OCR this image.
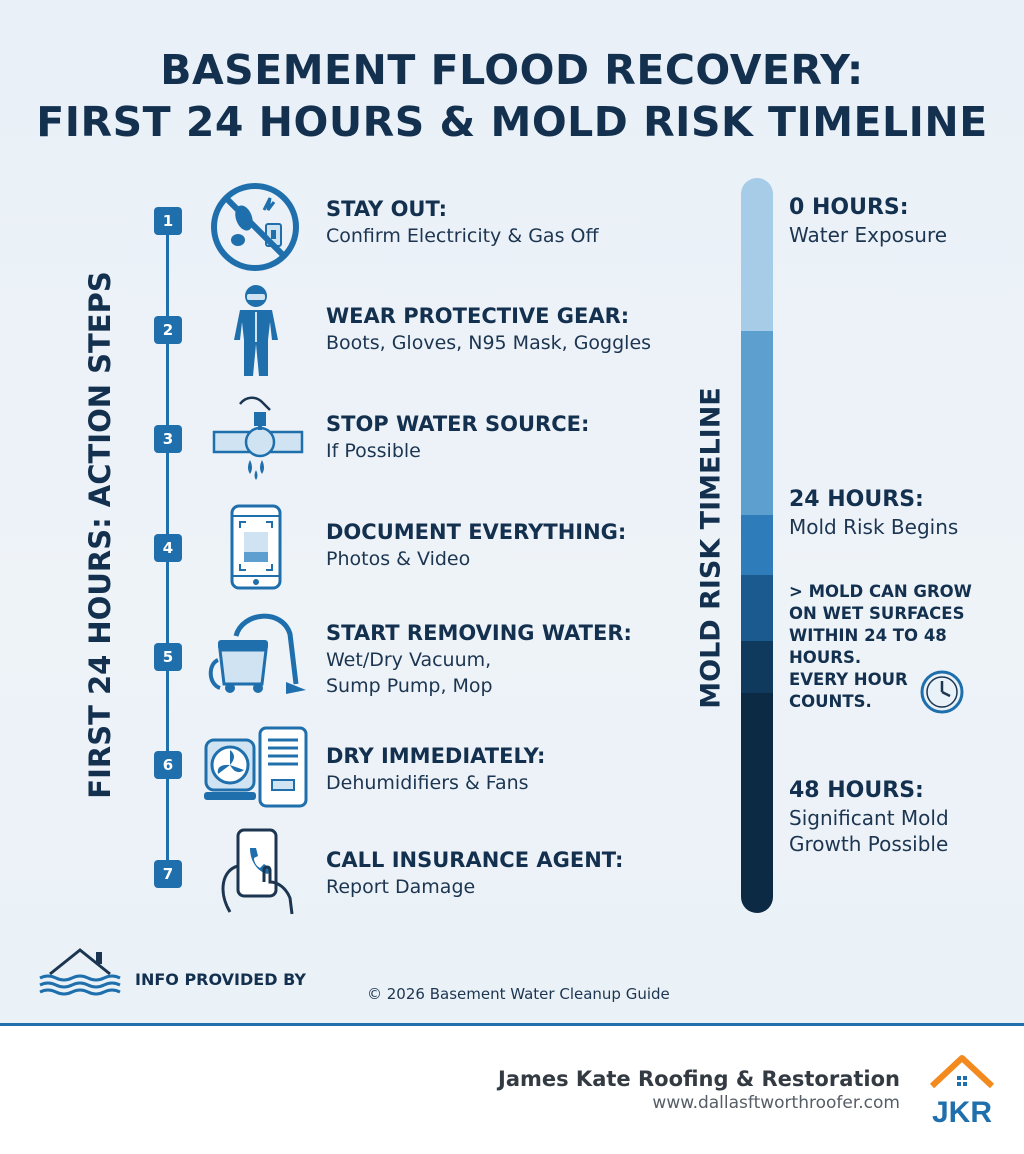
BASEMENT FLOOD RECOVERY:
FIRST 24 HOURS & MOLD RISK TIMELINE
FIRST 24 HOURS: ACTION STEPS
1	STAY OUT:
Confirm Electricity & Gas Off
2
WEAR PROTECTIVE GEAR:
Boots, Gloves, N95 Mask, Goggles
3
STOP WATER SOURCE:
If Possible
4
DOCUMENT EVERYTHING:
Photos & Video
5
START REMOVING WATER:
Wet/Dry Vacuum,
Sump Pump, Mop
6	DRY IMMEDIATELY:
Dehumidifiers & Fans
7
CALL INSURANCE AGENT:
Report Damage
MOLD RISK TIMELINE
0 HOURS:
Water Exposure
24 HOURS:
Mold Risk Begins
> MOLD CAN GROW
ON WET SURFACES
WITHIN 24 TO 48
HOURS.
EVERY HOUR
COUNTS.
48 HOURS:
Significant Mold
Growth Possible
INFO PROVIDED BY
© 2026 Basement Water Cleanup Guide
James Kate Roofing & Restoration
www.dallasftworthroofer.com JKR
